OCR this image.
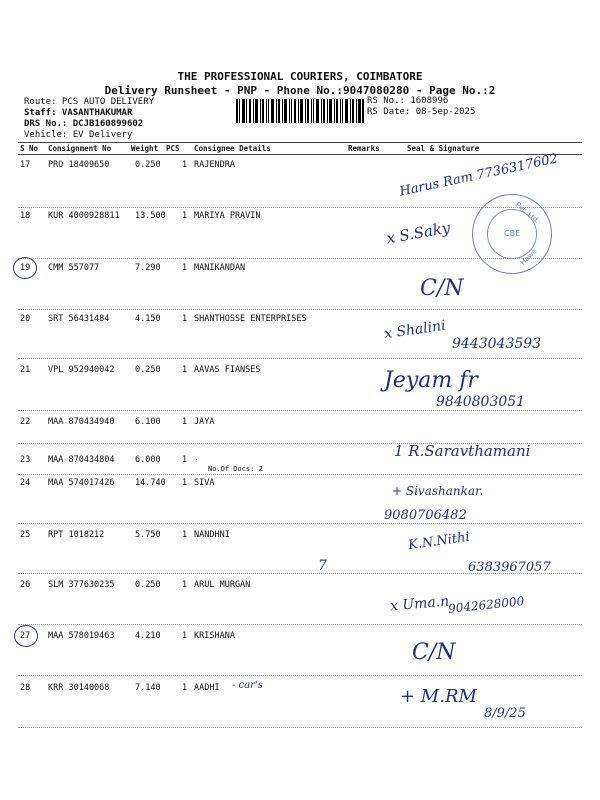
THE PROFESSIONAL COURIERS, COIMBATORE
Delivery Runsheet - PNP - Phone No.:9047080280 - Page No.:2
Route: PCS AUTO DELIVERY
Staff: VASANTHAKUMAR
DRS No.: DCJB160899602
Vehicle: EV Delivery
RS No.: 1608996
RS Date: 08-Sep-2025
S No Consignment No	Weight PCS Consignee Details	Remarks	Seal & Signature
17 PRO 18409650	0.250	1 RAJENDRA
18 KUR 4000928811 13.500 1 MARIYA PRAVIN
19 CMM 557077	7.290	1 MANIKANDAN
20 SRT 56431484	4.150	1 SHANTHOSSE ENTERPRISES
21 VPL 952940042 0.250	1 AAVAS FIANSES
22 MAA 870434940 6.100	1 JAYA
23 MAA 870434804 6.000	1 .
No.Of Docs: 2
24 MAA 574017426 14.740 1 SIVA
25 RPT 1018212	5.750	1 NANDHNI
26 SLM 377630235 0.250	1 ARUL MURGAN
27 MAA 578019463 4.210	1 KRISHANA
28 KRR 30140068	7.140	1 AADHI
Pvt. Ltd.
CBE
Hawe
Harus Ram 7736317602
x S.Saky
C/N
x Shalini
9443043593
Jeyam fr
9840803051
1 R.Saravthamani
+ Sivashankar.
9080706482
K.N.Nithi
6383967057
7
x Uma.n
9042628000
C/N
+ M.RM
8/9/25
- car's
